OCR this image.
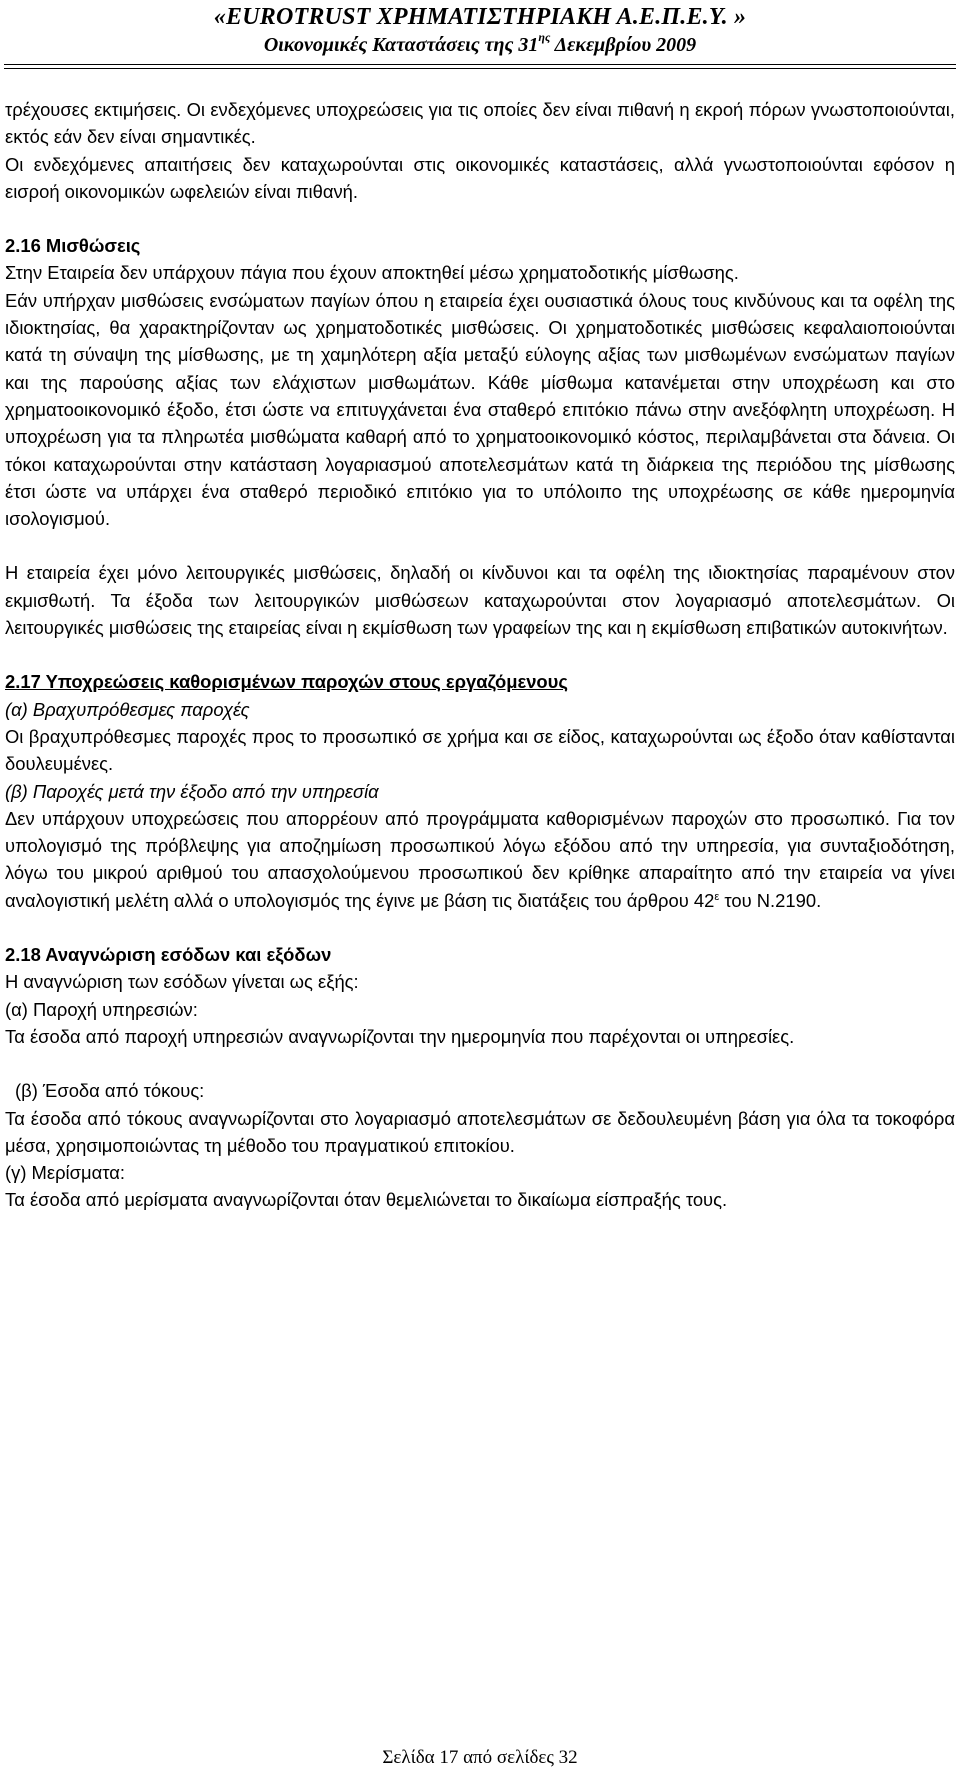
«EUROTRUST ΧΡΗΜΑΤΙΣΤΗΡΙΑΚΗ Α.Ε.Π.Ε.Υ. »
Οικονομικές Καταστάσεις της $31^{\eta\varsigma}$ Δεκεμβρίου 2009

τρέχουσες εκτιμήσεις. Οι ενδεχόμενες υποχρεώσεις για τις οποίες δεν είναι πιθανή η εκροή πόρων γνωστοποιούνται, εκτός εάν δεν είναι σημαντικές.

Οι ενδεχόμενες απαιτήσεις δεν καταχωρούνται στις οικονομικές καταστάσεις, αλλά γνωστοποιούνται εφόσον η εισροή οικονομικών ωφελειών είναι πιθανή.

2.16 Μισθώσεις

Στην Εταιρεία δεν υπάρχουν πάγια που έχουν αποκτηθεί μέσω χρηματοδοτικής μίσθωσης.

Εάν υπήρχαν μισθώσεις ενσώματων παγίων όπου η εταιρεία έχει ουσιαστικά όλους τους κινδύνους και τα οφέλη της ιδιοκτησίας, θα χαρακτηρίζονταν ως χρηματοδοτικές μισθώσεις. Οι χρηματοδοτικές μισθώσεις κεφαλαιοποιούνται κατά τη σύναψη της μίσθωσης, με τη χαμηλότερη αξία μεταξύ εύλογης αξίας των μισθωμένων ενσώματων παγίων και της παρούσης αξίας των ελάχιστων μισθωμάτων. Κάθε μίσθωμα κατανέμεται στην υποχρέωση και στο χρηματοοικονομικό έξοδο, έτσι ώστε να επιτυγχάνεται ένα σταθερό επιτόκιο πάνω στην ανεξόφλητη υποχρέωση. Η υποχρέωση για τα πληρωτέα μισθώματα καθαρή από το χρηματοοικονομικό κόστος, περιλαμβάνεται στα δάνεια. Οι τόκοι καταχωρούνται στην κατάσταση λογαριασμού αποτελεσμάτων κατά τη διάρκεια της περιόδου της μίσθωσης έτσι ώστε να υπάρχει ένα σταθερό περιοδικό επιτόκιο για το υπόλοιπο της υποχρέωσης σε κάθε ημερομηνία ισολογισμού.

Η εταιρεία έχει μόνο λειτουργικές μισθώσεις, δηλαδή οι κίνδυνοι και τα οφέλη της ιδιοκτησίας παραμένουν στον εκμισθωτή. Τα έξοδα των λειτουργικών μισθώσεων καταχωρούνται στον λογαριασμό αποτελεσμάτων. Οι λειτουργικές μισθώσεις της εταιρείας είναι η εκμίσθωση των γραφείων της και η εκμίσθωση επιβατικών αυτοκινήτων.

2.17 Υποχρεώσεις καθορισμένων παροχών στους εργαζόμενους

(α) Βραχυπρόθεσμες παροχές

Οι βραχυπρόθεσμες παροχές προς το προσωπικό σε χρήμα και σε είδος, καταχωρούνται ως έξοδο όταν καθίστανται δουλευμένες.

(β) Παροχές μετά την έξοδο από την υπηρεσία

Δεν υπάρχουν υποχρεώσεις που απορρέουν από προγράμματα καθορισμένων παροχών στο προσωπικό. Για τον υπολογισμό της πρόβλεψης για αποζημίωση προσωπικού λόγω εξόδου από την υπηρεσία, για συνταξιοδότηση, λόγω του μικρού αριθμού του απασχολούμενου προσωπικού δεν κρίθηκε απαραίτητο από την εταιρεία να γίνει αναλογιστική μελέτη αλλά ο υπολογισμός της έγινε με βάση τις διατάξεις του άρθρου $42^\varepsilon$ του Ν.2190.

2.18 Αναγνώριση εσόδων και εξόδων

Η αναγνώριση των εσόδων γίνεται ως εξής:

(α) Παροχή υπηρεσιών:

Τα έσοδα από παροχή υπηρεσιών αναγνωρίζονται την ημερομηνία που παρέχονται οι υπηρεσίες.

(β) Έσοδα από τόκους:

Τα έσοδα από τόκους αναγνωρίζονται στο λογαριασμό αποτελεσμάτων σε δεδουλευμένη βάση για όλα τα τοκοφόρα μέσα, χρησιμοποιώντας τη μέθοδο του πραγματικού επιτοκίου.

(γ) Μερίσματα:

Τα έσοδα από μερίσματα αναγνωρίζονται όταν θεμελιώνεται το δικαίωμα είσπραξής τους.

Σελίδα 17 από σελίδες 32
